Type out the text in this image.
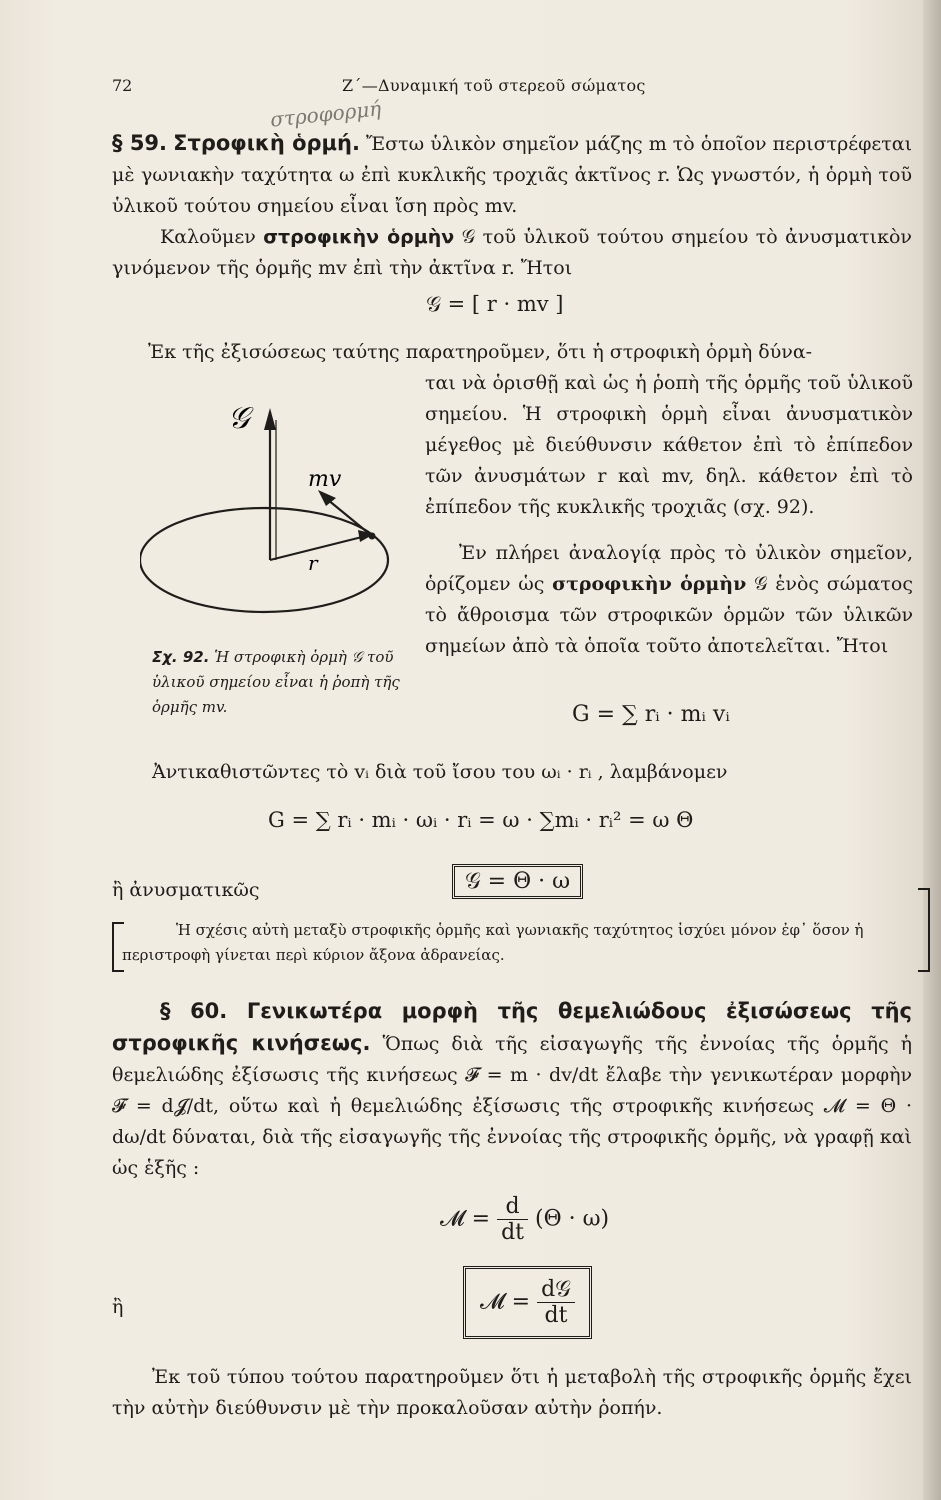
72	Ζ΄—Δυναμική τοῦ στερεοῦ σώματος
στροφορμή
§ 59. Στροφικὴ ὁρμή. Ἔστω ὑλικὸν σημεῖον μάζης m τὸ ὁποῖον περιστρέφεται μὲ γωνιακὴν ταχύτητα ω ἐπὶ κυκλικῆς τροχιᾶς ἀκτῖνος r. Ὡς γνωστόν, ἡ ὁρμὴ τοῦ ὑλικοῦ τούτου σημείου εἶναι ἴση πρὸς mv.
Καλοῦμεν στροφικὴν ὁρμὴν 𝒢 τοῦ ὑλικοῦ τούτου σημείου τὸ ἀνυσματικὸν γινόμενον τῆς ὁρμῆς mv ἐπὶ τὴν ἀκτῖνα r. Ἤτοι
𝒢 = [ r · mv ]
Ἐκ τῆς ἐξισώσεως ταύτης παρατηροῦμεν, ὅτι ἡ στροφικὴ ὁρμὴ δύνα-
ται νὰ ὁρισθῇ καὶ ὡς ἡ ῥοπὴ τῆς ὁρμῆς τοῦ ὑλικοῦ σημείου. Ἡ στροφικὴ ὁρμὴ εἶναι ἀνυσματικὸν μέγεθος μὲ διεύθυνσιν κάθετον ἐπὶ τὸ ἐπίπεδον τῶν ἀνυσμάτων r καὶ mv, δηλ. κάθετον ἐπὶ τὸ ἐπίπεδον τῆς κυκλικῆς τροχιᾶς (σχ. 92).
Ἐν πλήρει ἀναλογίᾳ πρὸς τὸ ὑλικὸν σημεῖον, ὁρίζομεν ὡς στροφικὴν ὁρμὴν 𝒢 ἑνὸς σώματος τὸ ἄθροισμα τῶν στροφικῶν ὁρμῶν τῶν ὑλικῶν σημείων ἀπὸ τὰ ὁποῖα τοῦτο ἀποτελεῖται. Ἤτοι
G = ∑ rᵢ · mᵢ vᵢ
𝒢
mv
r
Σχ. 92. Ἡ στροφικὴ ὁρμὴ 𝒢 τοῦ ὑλικοῦ σημείου εἶναι ἡ ῥοπὴ τῆς ὁρμῆς mv.
Ἀντικαθιστῶντες τὸ vᵢ διὰ τοῦ ἴσου του ωᵢ · rᵢ , λαμβάνομεν
G = ∑ rᵢ · mᵢ · ωᵢ · rᵢ = ω · ∑mᵢ · rᵢ² = ω Θ
ἢ ἀνυσματικῶς	𝒢 = Θ · ω
Ἡ σχέσις αὐτὴ μεταξὺ στροφικῆς ὁρμῆς καὶ γωνιακῆς ταχύτητος ἰσχύει μόνον ἐφ᾽ ὅσον ἡ περιστροφὴ γίνεται περὶ κύριον ἄξονα ἀδρανείας.
§ 60. Γενικωτέρα μορφὴ τῆς θεμελιώδους ἐξισώσεως τῆς στροφικῆς κινήσεως. Ὅπως διὰ τῆς εἰσαγωγῆς τῆς ἐννοίας τῆς ὁρμῆς ἡ θεμελιώδης ἐξίσωσις τῆς κινήσεως 𝓕 = m · dv/dt ἔλαβε τὴν γενικωτέραν μορφὴν 𝓕 = d𝓙/dt, οὕτω καὶ ἡ θεμελιώδης ἐξίσωσις τῆς στροφικῆς κινήσεως 𝓜 = Θ · dω/dt δύναται, διὰ τῆς εἰσαγωγῆς τῆς ἐννοίας τῆς στροφικῆς ὁρμῆς, νὰ γραφῇ καὶ ὡς ἑξῆς :
𝓜 = $\frac{d}{dt} (\Theta \cdot \omega)$
ἢ	𝓜 = $\frac{\text{d𝒢}}{dt}$
Ἐκ τοῦ τύπου τούτου παρατηροῦμεν ὅτι ἡ μεταβολὴ τῆς στροφικῆς ὁρμῆς ἔχει τὴν αὐτὴν διεύθυνσιν μὲ τὴν προκαλοῦσαν αὐτὴν ῥοπήν.
